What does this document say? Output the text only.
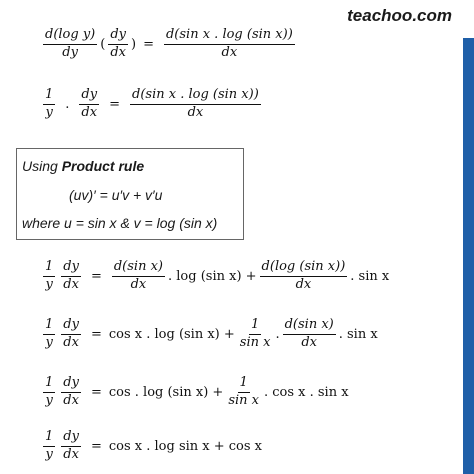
teachoo.com
$\frac{\text{d(log y)}}{dy}$ ( $\frac{dy}{dx}$ ) = $\frac{\text{d(sin x . log (sin x))}}{dx}$
$\frac{1}{y}$ . $\frac{dy}{dx} = \frac{\text{d(sin x . log (sin x))}}{dx}$
Using Product rule
(uv)′ = u′v + v′u
where u = sin x & v = log (sin x)
$\frac{1}{y} \frac{dy}{dx} = \frac{\text{d(sin x)}}{dx}$ . log (sin $x) + \frac{\text{d(log (sin x))}}{dx}$ . sin x
$\frac{1}{y} \frac{dy}{dx} = \cos x$ . log (sin $x) + \frac{1}{\text{sin x}}$ . $\frac{\text{d(sin x)}}{dx}$ . sin x
$\frac{1}{y} \frac{dy}{dx} = \cos$ . log (sin $x) + \frac{1}{\text{sin x}}$ . cos x . sin x
$\frac{1}{y} \frac{dy}{dx} = \cos x$ . log sin x + cos x
